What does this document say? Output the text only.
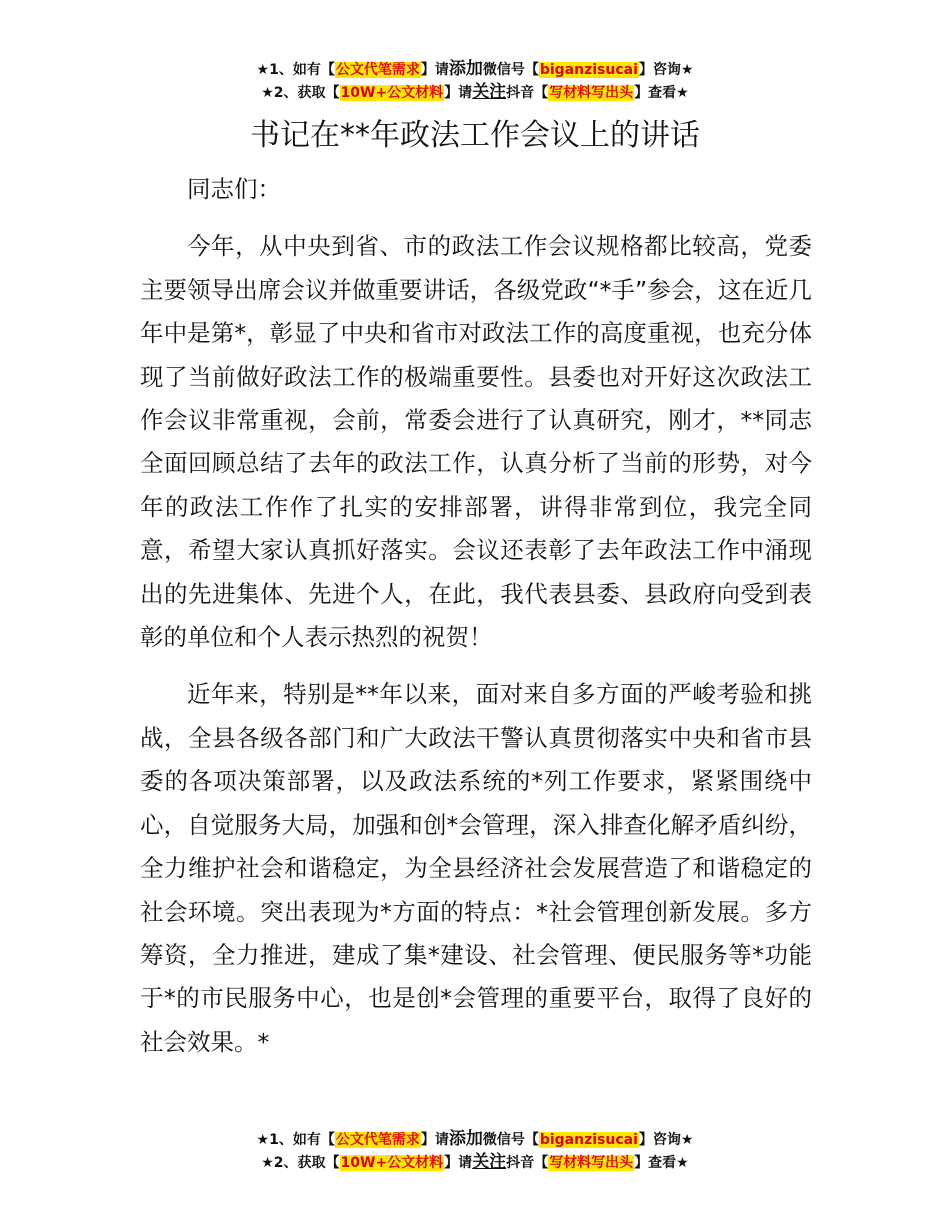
★1、如有【公文代笔需求】请添加微信号【biganzisucai】咨询★
★2、获取【10W+公文材料】请关注抖音【写材料写出头】查看★
书记在**年政法工作会议上的讲话

同志们：

今年，从中央到省、市的政法工作会议规格都比较高，党委主要领导出席会议并做重要讲话，各级党政“*手”参会，这在近几年中是第*，彰显了中央和省市对政法工作的高度重视，也充分体现了当前做好政法工作的极端重要性。县委也对开好这次政法工作会议非常重视，会前，常委会进行了认真研究，刚才，**同志全面回顾总结了去年的政法工作，认真分析了当前的形势，对今年的政法工作作了扎实的安排部署，讲得非常到位，我完全同意，希望大家认真抓好落实。会议还表彰了去年政法工作中涌现出的先进集体、先进个人，在此，我代表县委、县政府向受到表彰的单位和个人表示热烈的祝贺！

近年来，特别是**年以来，面对来自多方面的严峻考验和挑战，全县各级各部门和广大政法干警认真贯彻落实中央和省市县委的各项决策部署，以及政法系统的*列工作要求，紧紧围绕中心，自觉服务大局，加强和创*会管理，深入排查化解矛盾纠纷，全力维护社会和谐稳定，为全县经济社会发展营造了和谐稳定的社会环境。突出表现为*方面的特点：*社会管理创新发展。多方筹资，全力推进，建成了集*建设、社会管理、便民服务等*功能于*的市民服务中心，也是创*会管理的重要平台，取得了良好的社会效果。*

★1、如有【公文代笔需求】请添加微信号【biganzisucai】咨询★
★2、获取【10W+公文材料】请关注抖音【写材料写出头】查看★
